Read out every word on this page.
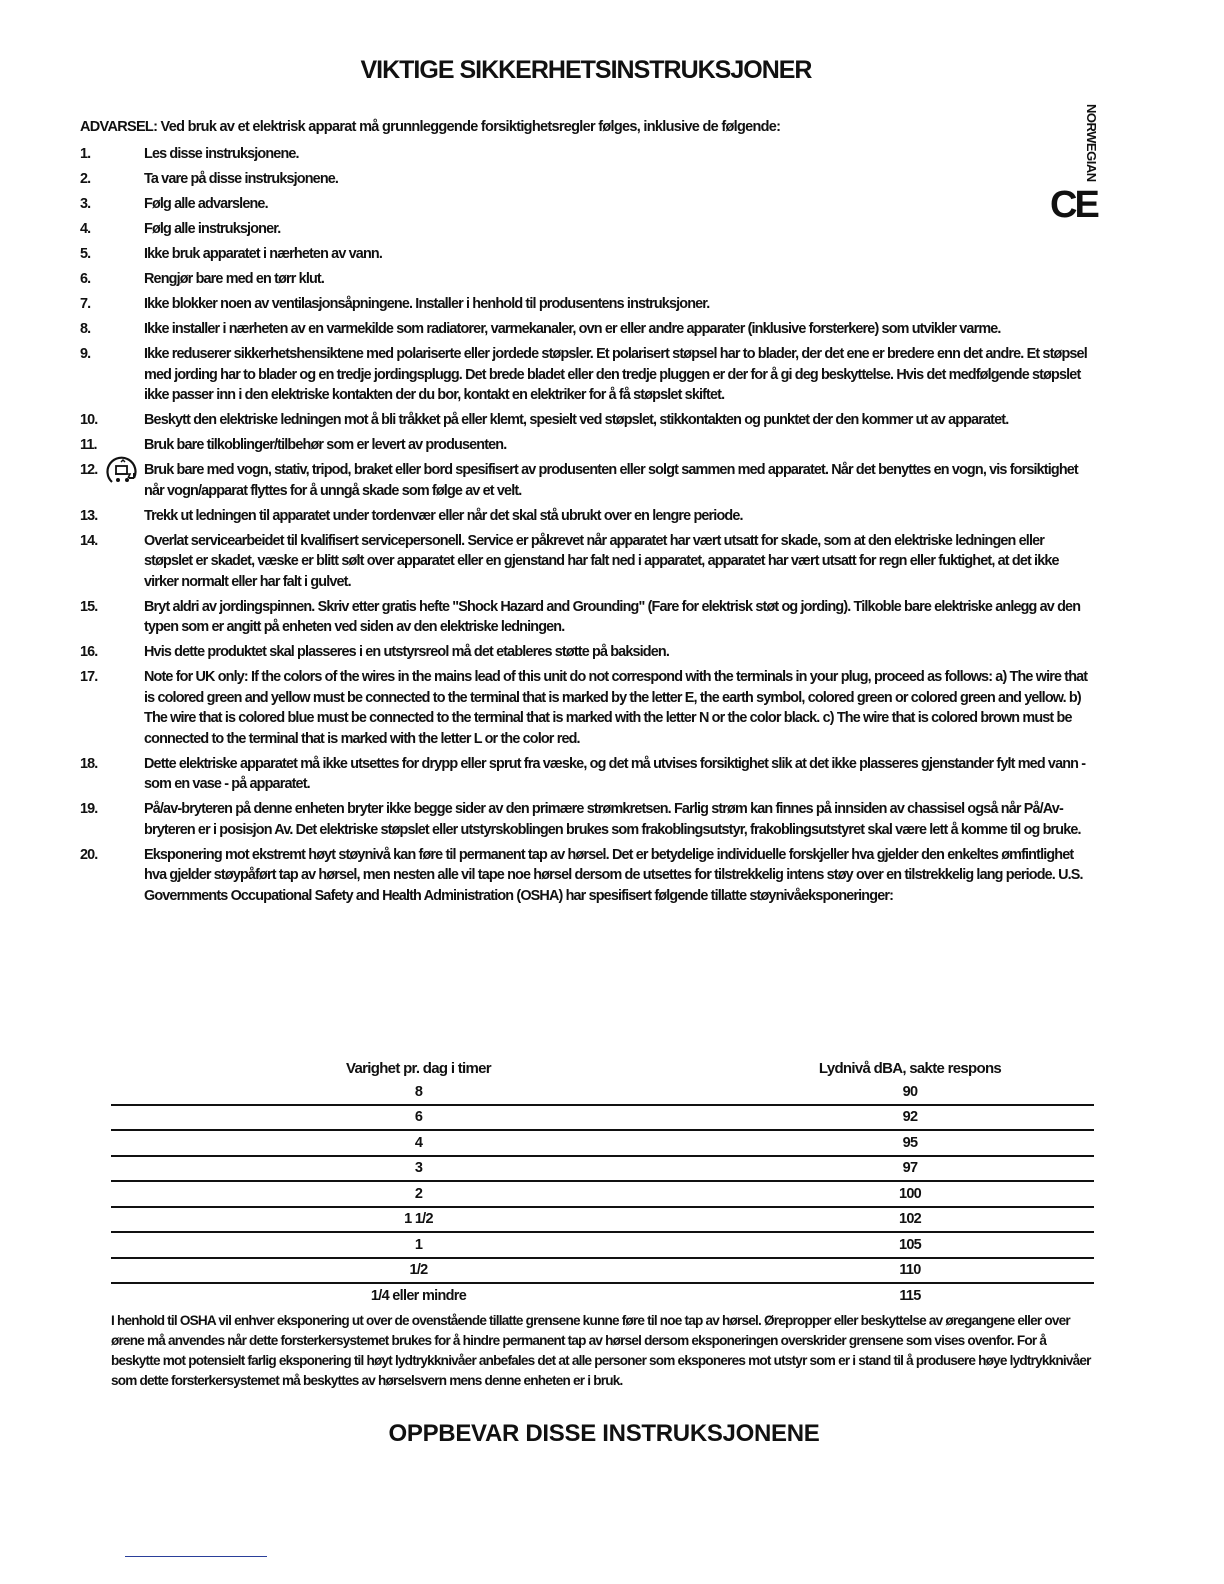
VIKTIGE SIKKERHETSINSTRUKSJONER
NORWEGIAN
CE

ADVARSEL: Ved bruk av et elektrisk apparat må grunnleggende forsiktighetsregler følges, inklusive de følgende:

1.	Les disse instruksjonene.
2.	Ta vare på disse instruksjonene.
3.	Følg alle advarslene.
4.	Følg alle instruksjoner.
5.	Ikke bruk apparatet i nærheten av vann.
6.	Rengjør bare med en tørr klut.
7.	Ikke blokker noen av ventilasjonsåpningene. Installer i henhold til produsentens instruksjoner.
8.	Ikke installer i nærheten av en varmekilde som radiatorer, varmekanaler, ovn er eller andre apparater (inklusive forsterkere) som utvikler varme.
9.	Ikke reduserer sikkerhetshensiktene med polariserte eller jordede støpsler. Et polarisert støpsel har to blader, der det ene er bredere enn det andre. Et støpsel med jording har to blader og en tredje jordingsplugg. Det brede bladet eller den tredje pluggen er der for å gi deg beskyttelse. Hvis det medfølgende støpslet ikke passer inn i den elektriske kontakten der du bor, kontakt en elektriker for å få støpslet skiftet.
10.	Beskytt den elektriske ledningen mot å bli tråkket på eller klemt, spesielt ved støpslet, stikkontakten og punktet der den kommer ut av apparatet.
11.	Bruk bare tilkoblinger/tilbehør som er levert av produsenten.
12.	Bruk bare med vogn, stativ, tripod, braket eller bord spesifisert av produsenten eller solgt sammen med apparatet. Når det benyttes en vogn, vis forsiktighet når vogn/apparat flyttes for å unngå skade som følge av et velt.
13.	Trekk ut ledningen til apparatet under tordenvær eller når det skal stå ubrukt over en lengre periode.
14.	Overlat servicearbeidet til kvalifisert servicepersonell. Service er påkrevet når apparatet har vært utsatt for skade, som at den elektriske ledningen eller støpslet er skadet, væske er blitt sølt over apparatet eller en gjenstand har falt ned i apparatet, apparatet har vært utsatt for regn eller fuktighet, at det ikke virker normalt eller har falt i gulvet.
15.	Bryt aldri av jordingspinnen. Skriv etter gratis hefte "Shock Hazard and Grounding" (Fare for elektrisk støt og jording). Tilkoble bare elektriske anlegg av den typen som er angitt på enheten ved siden av den elektriske ledningen.
16.	Hvis dette produktet skal plasseres i en utstyrsreol må det etableres støtte på baksiden.
17.	Note for UK only: If the colors of the wires in the mains lead of this unit do not correspond with the terminals in your plug, proceed as follows: a) The wire that is colored green and yellow must be connected to the terminal that is marked by the letter E, the earth symbol, colored green or colored green and yellow. b) The wire that is colored blue must be connected to the terminal that is marked with the letter N or the color black. c) The wire that is colored brown must be connected to the terminal that is marked with the letter L or the color red.
18.	Dette elektriske apparatet må ikke utsettes for drypp eller sprut fra væske, og det må utvises forsiktighet slik at det ikke plasseres gjenstander fylt med vann - som en vase - på apparatet.
19.	På/av-bryteren på denne enheten bryter ikke begge sider av den primære strømkretsen. Farlig strøm kan finnes på innsiden av chassisel også når På/Av-bryteren er i posisjon Av. Det elektriske støpslet eller utstyrskoblingen brukes som frakoblingsutstyr, frakoblingsutstyret skal være lett å komme til og bruke.
20.	Eksponering mot ekstremt høyt støynivå kan føre til permanent tap av hørsel. Det er betydelige individuelle forskjeller hva gjelder den enkeltes ømfintlighet hva gjelder støypåført tap av hørsel, men nesten alle vil tape noe hørsel dersom de utsettes for tilstrekkelig intens støy over en tilstrekkelig lang periode. U.S. Governments Occupational Safety and Health Administration (OSHA) har spesifisert følgende tillatte støynivåeksponeringer:
Varighet pr. dag i timer	Lydnivå dBA, sakte respons
8	90
6	92
4	95
3	97
2	100
1 1/2	102
1	105
1/2	110
1/4 eller mindre	115

I henhold til OSHA vil enhver eksponering ut over de ovenstående tillatte grensene kunne føre til noe tap av hørsel. Ørepropper eller beskyttelse av øregangene eller over ørene må anvendes når dette forsterkersystemet brukes for å hindre permanent tap av hørsel dersom eksponeringen overskrider grensene som vises ovenfor. For å beskytte mot potensielt farlig eksponering til høyt lydtrykknivåer anbefales det at alle personer som eksponeres mot utstyr som er i stand til å produsere høye lydtrykknivåer som dette forsterkersystemet må beskyttes av hørselsvern mens denne enheten er i bruk.

OPPBEVAR DISSE INSTRUKSJONENE
